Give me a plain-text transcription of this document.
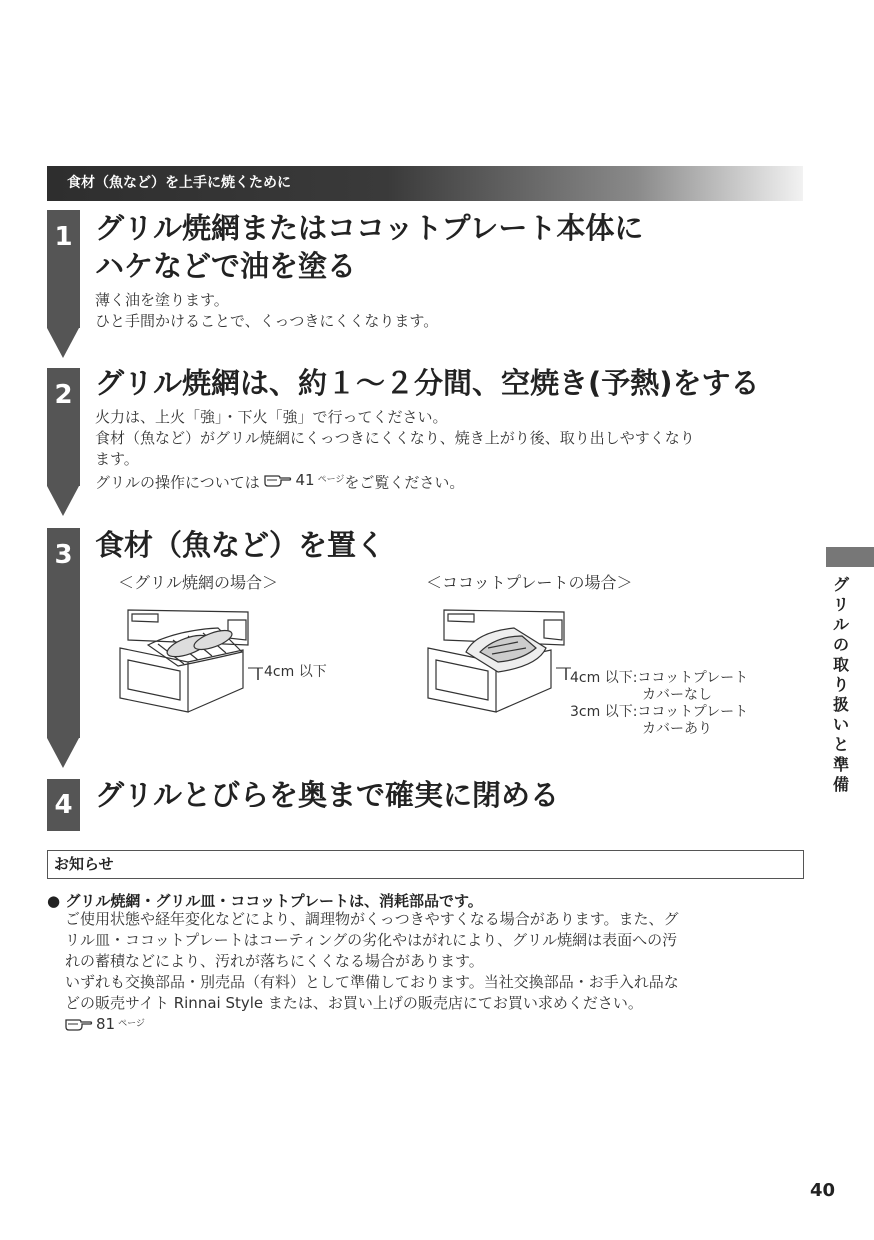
食材（魚など）を上手に焼くために
1 グリル焼網またはココットプレート本体に
ハケなどで油を塗る
薄く油を塗ります。
ひと手間かけることで、くっつきにくくなります。
2 グリル焼網は、約１～２分間、空焼き(予熱)をする
火力は、上火「強」・下火「強」で行ってください。
食材（魚など）がグリル焼網にくっつきにくくなり、焼き上がり後、取り出しやすくなり
ます。
グリルの操作については 41 ページ をご覧ください。
3 食材（魚など）を置く
＜グリル焼網の場合＞	＜ココットプレートの場合＞
4cm 以下	4cm 以下:ココットプレート
カバーなし
3cm 以下:ココットプレート
カバーあり
4 グリルとびらを奥まで確実に閉める
お知らせ
● グリル焼網・グリル皿・ココットプレートは、消耗部品です。
ご使用状態や経年変化などにより、調理物がくっつきやすくなる場合があります。また、グ
リル皿・ココットプレートはコーティングの劣化やはがれにより、グリル焼網は表面への汚
れの蓄積などにより、汚れが落ちにくくなる場合があります。
いずれも交換部品・別売品（有料）として準備しております。当社交換部品・お手入れ品な
どの販売サイト Rinnai Style または、お買い上げの販売店にてお買い求めください。
81 ページ
グ
リ
ル
の
取
り
扱
い
と
準
備
40
